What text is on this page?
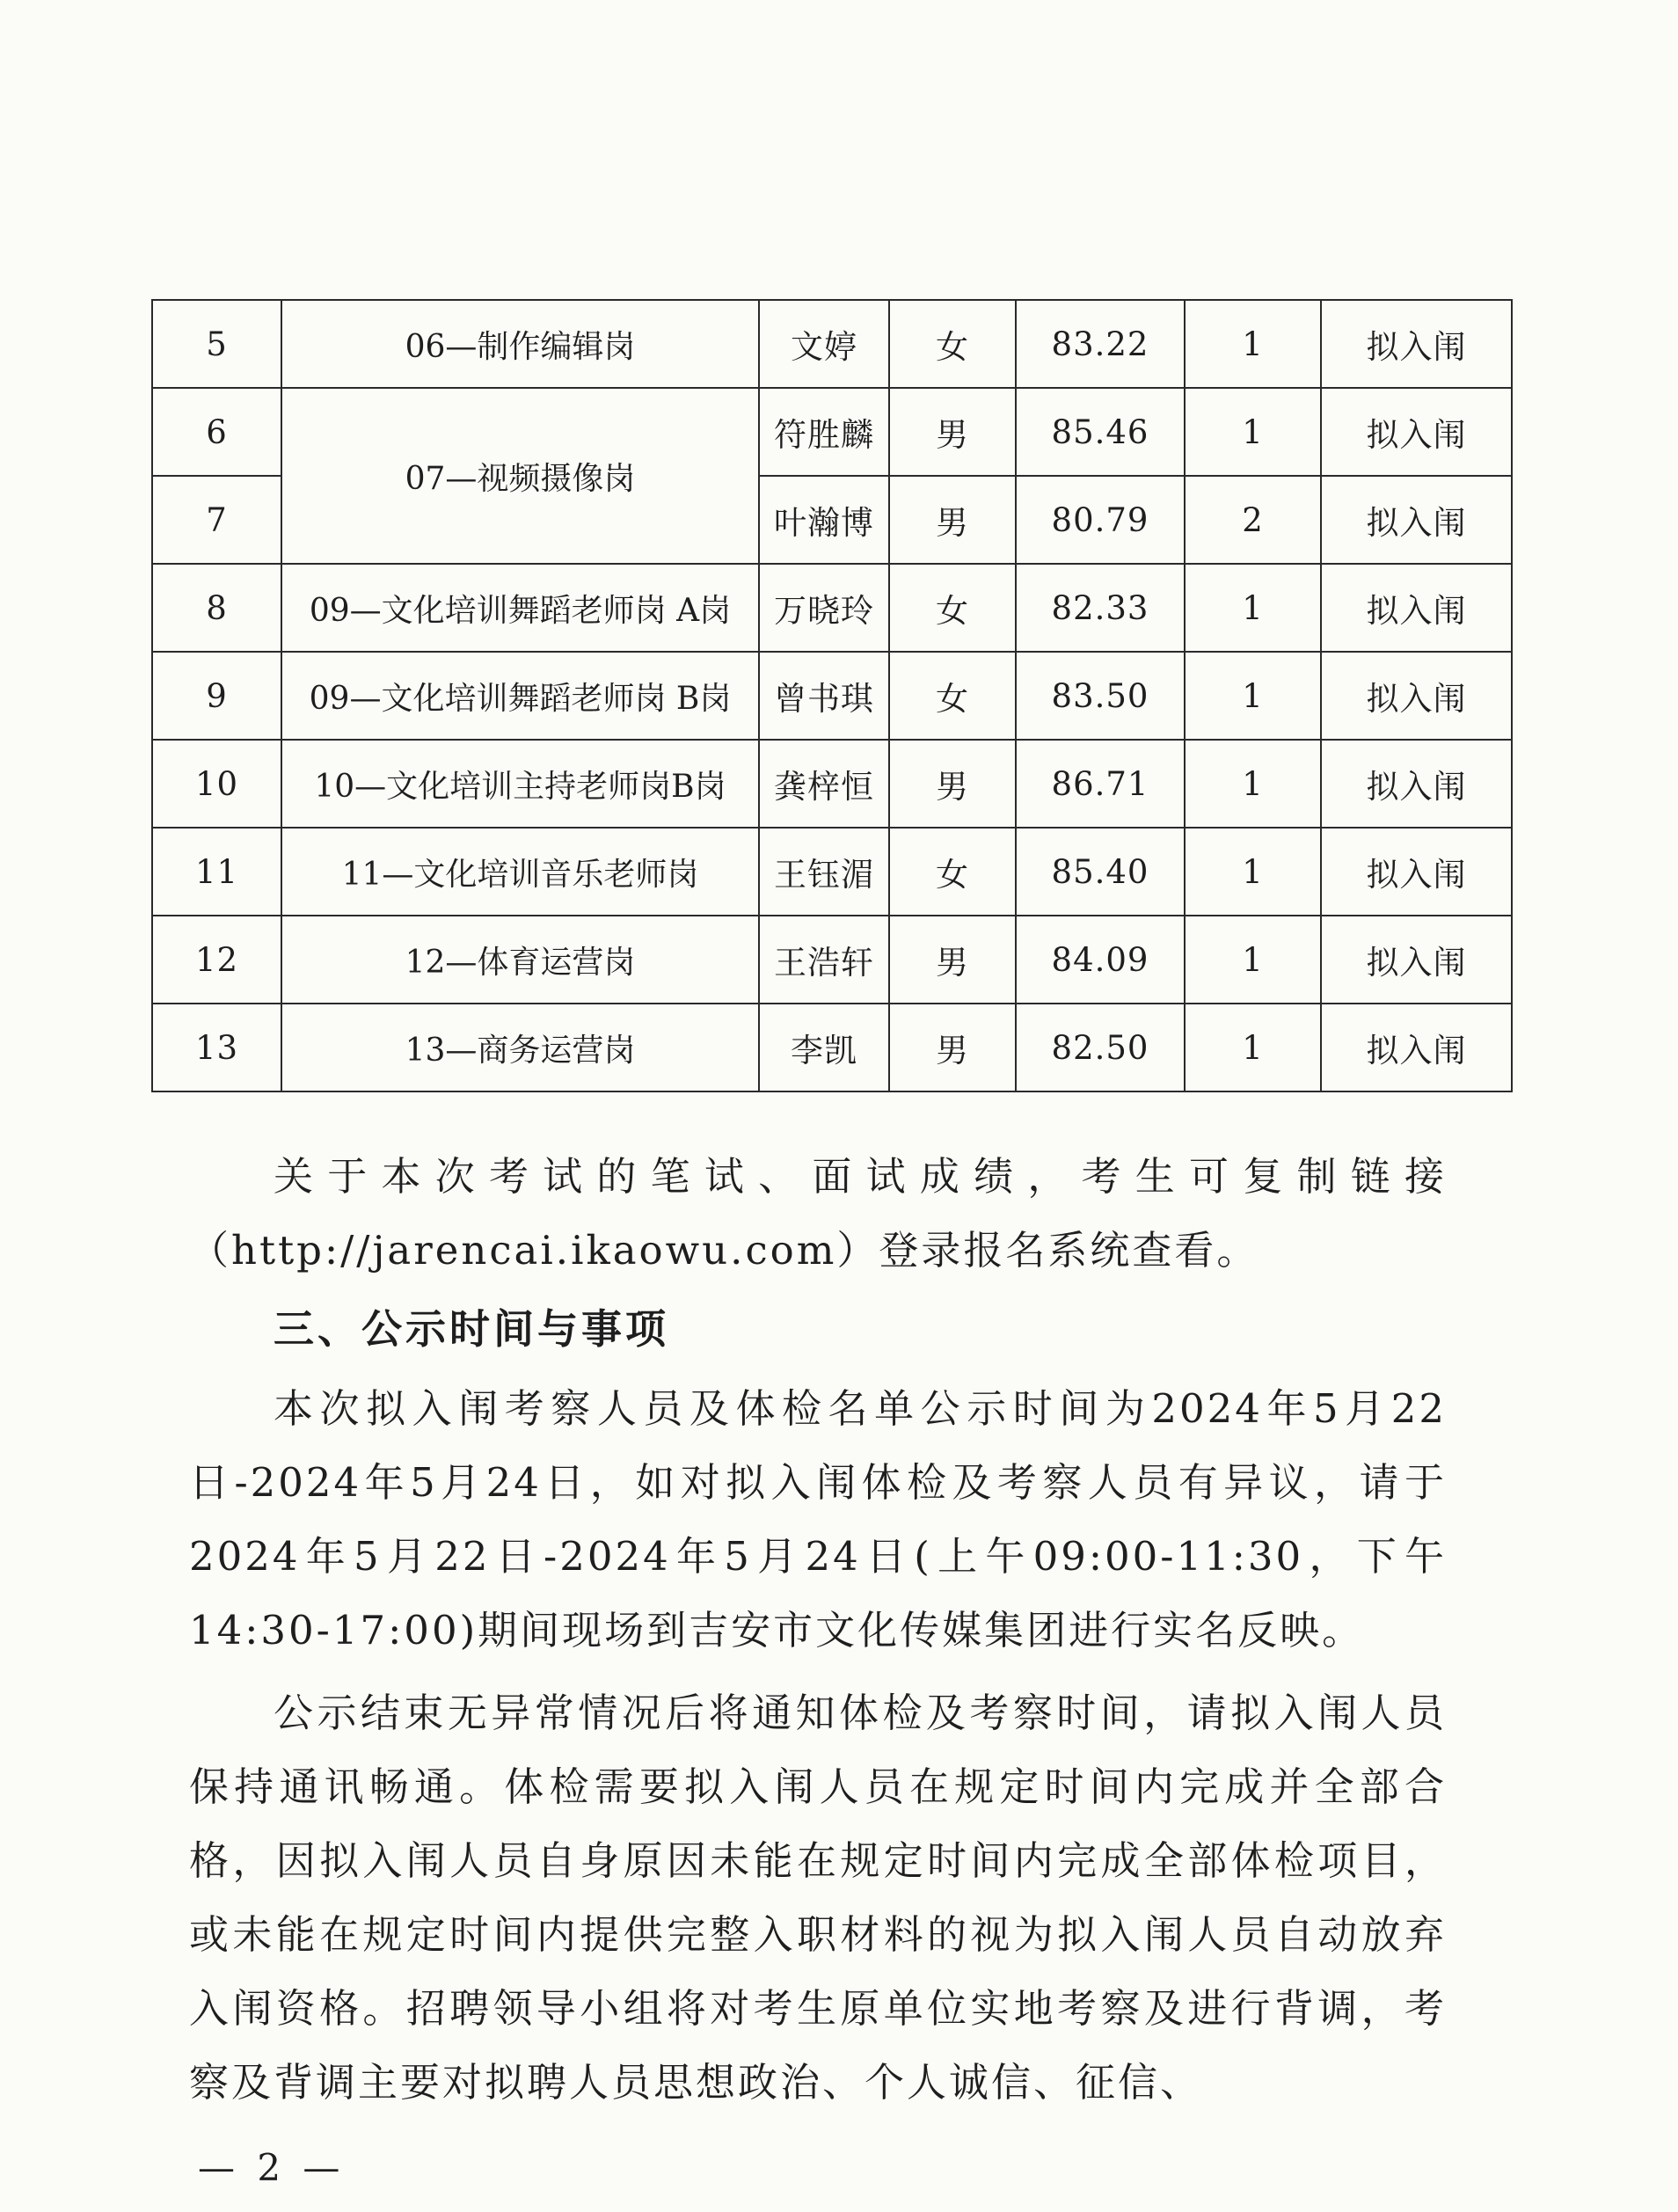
5	06—制作编辑岗	文婷	女	83.22	1	拟入闱
6	07—视频摄像岗	符胜麟	男	85.46	1	拟入闱
7		叶瀚博	男	80.79	2	拟入闱
8	09—文化培训舞蹈老师岗 A岗	万晓玲	女	82.33	1	拟入闱
9	09—文化培训舞蹈老师岗 B岗	曾书琪	女	83.50	1	拟入闱
10	10—文化培训主持老师岗B岗	龚梓恒	男	86.71	1	拟入闱
11	11—文化培训音乐老师岗	王钰湄	女	85.40	1	拟入闱
12	12—体育运营岗	王浩轩	男	84.09	1	拟入闱
13	13—商务运营岗	李凯	男	82.50	1	拟入闱

关于本次考试的笔试、面试成绩，考生可复制链接（http://jarencai.ikaowu.com）登录报名系统查看。

三、公示时间与事项

本次拟入闱考察人员及体检名单公示时间为2024年5月22日-2024年5月24日，如对拟入闱体检及考察人员有异议，请于2024年5月22日-2024年5月24日(上午09:00-11:30，下午14:30-17:00)期间现场到吉安市文化传媒集团进行实名反映。

公示结束无异常情况后将通知体检及考察时间，请拟入闱人员保持通讯畅通。体检需要拟入闱人员在规定时间内完成并全部合格，因拟入闱人员自身原因未能在规定时间内完成全部体检项目，或未能在规定时间内提供完整入职材料的视为拟入闱人员自动放弃入闱资格。招聘领导小组将对考生原单位实地考察及进行背调，考察及背调主要对拟聘人员思想政治、个人诚信、征信、

— 2 —
